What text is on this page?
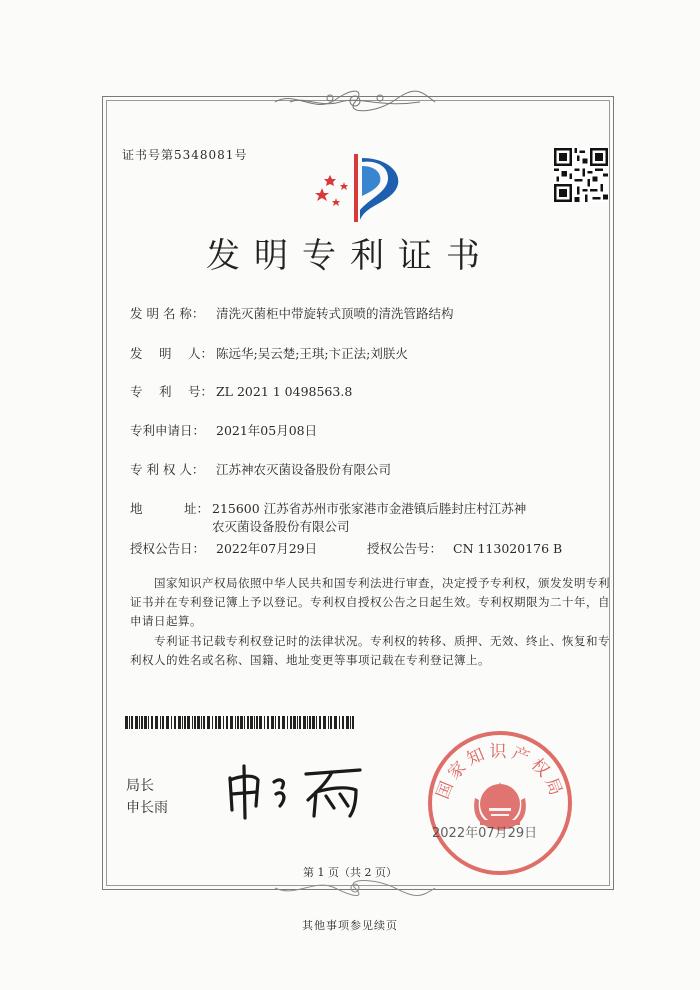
证书号第5348081号
发明专利证书
发 明 名 称： 清洗灭菌柜中带旋转式顶喷的清洗管路结构
发　 明　 人： 陈远华;吴云楚;王琪;卞正法;刘朕火
专　 利　 号： ZL 2021 1 0498563.8
专利申请日： 2021年05月08日
专 利 权 人： 江苏神农灭菌设备股份有限公司
地　　　 址： 215600 江苏省苏州市张家港市金港镇后塍封庄村江苏神农灭菌设备股份有限公司
授权公告日： 2022年07月29日	授权公告号： CN 113020176 B
国家知识产权局依照中华人民共和国专利法进行审查，决定授予专利权，颁发发明专利证书并在专利登记簿上予以登记。专利权自授权公告之日起生效。专利权期限为二十年，自申请日起算。
专利证书记载专利权登记时的法律状况。专利权的转移、质押、无效、终止、恢复和专利权人的姓名或名称、国籍、地址变更等事项记载在专利登记簿上。
局长
申长雨
国家知识产权局
2022年07月29日
第 1 页（共 2 页）
其他事项参见续页
